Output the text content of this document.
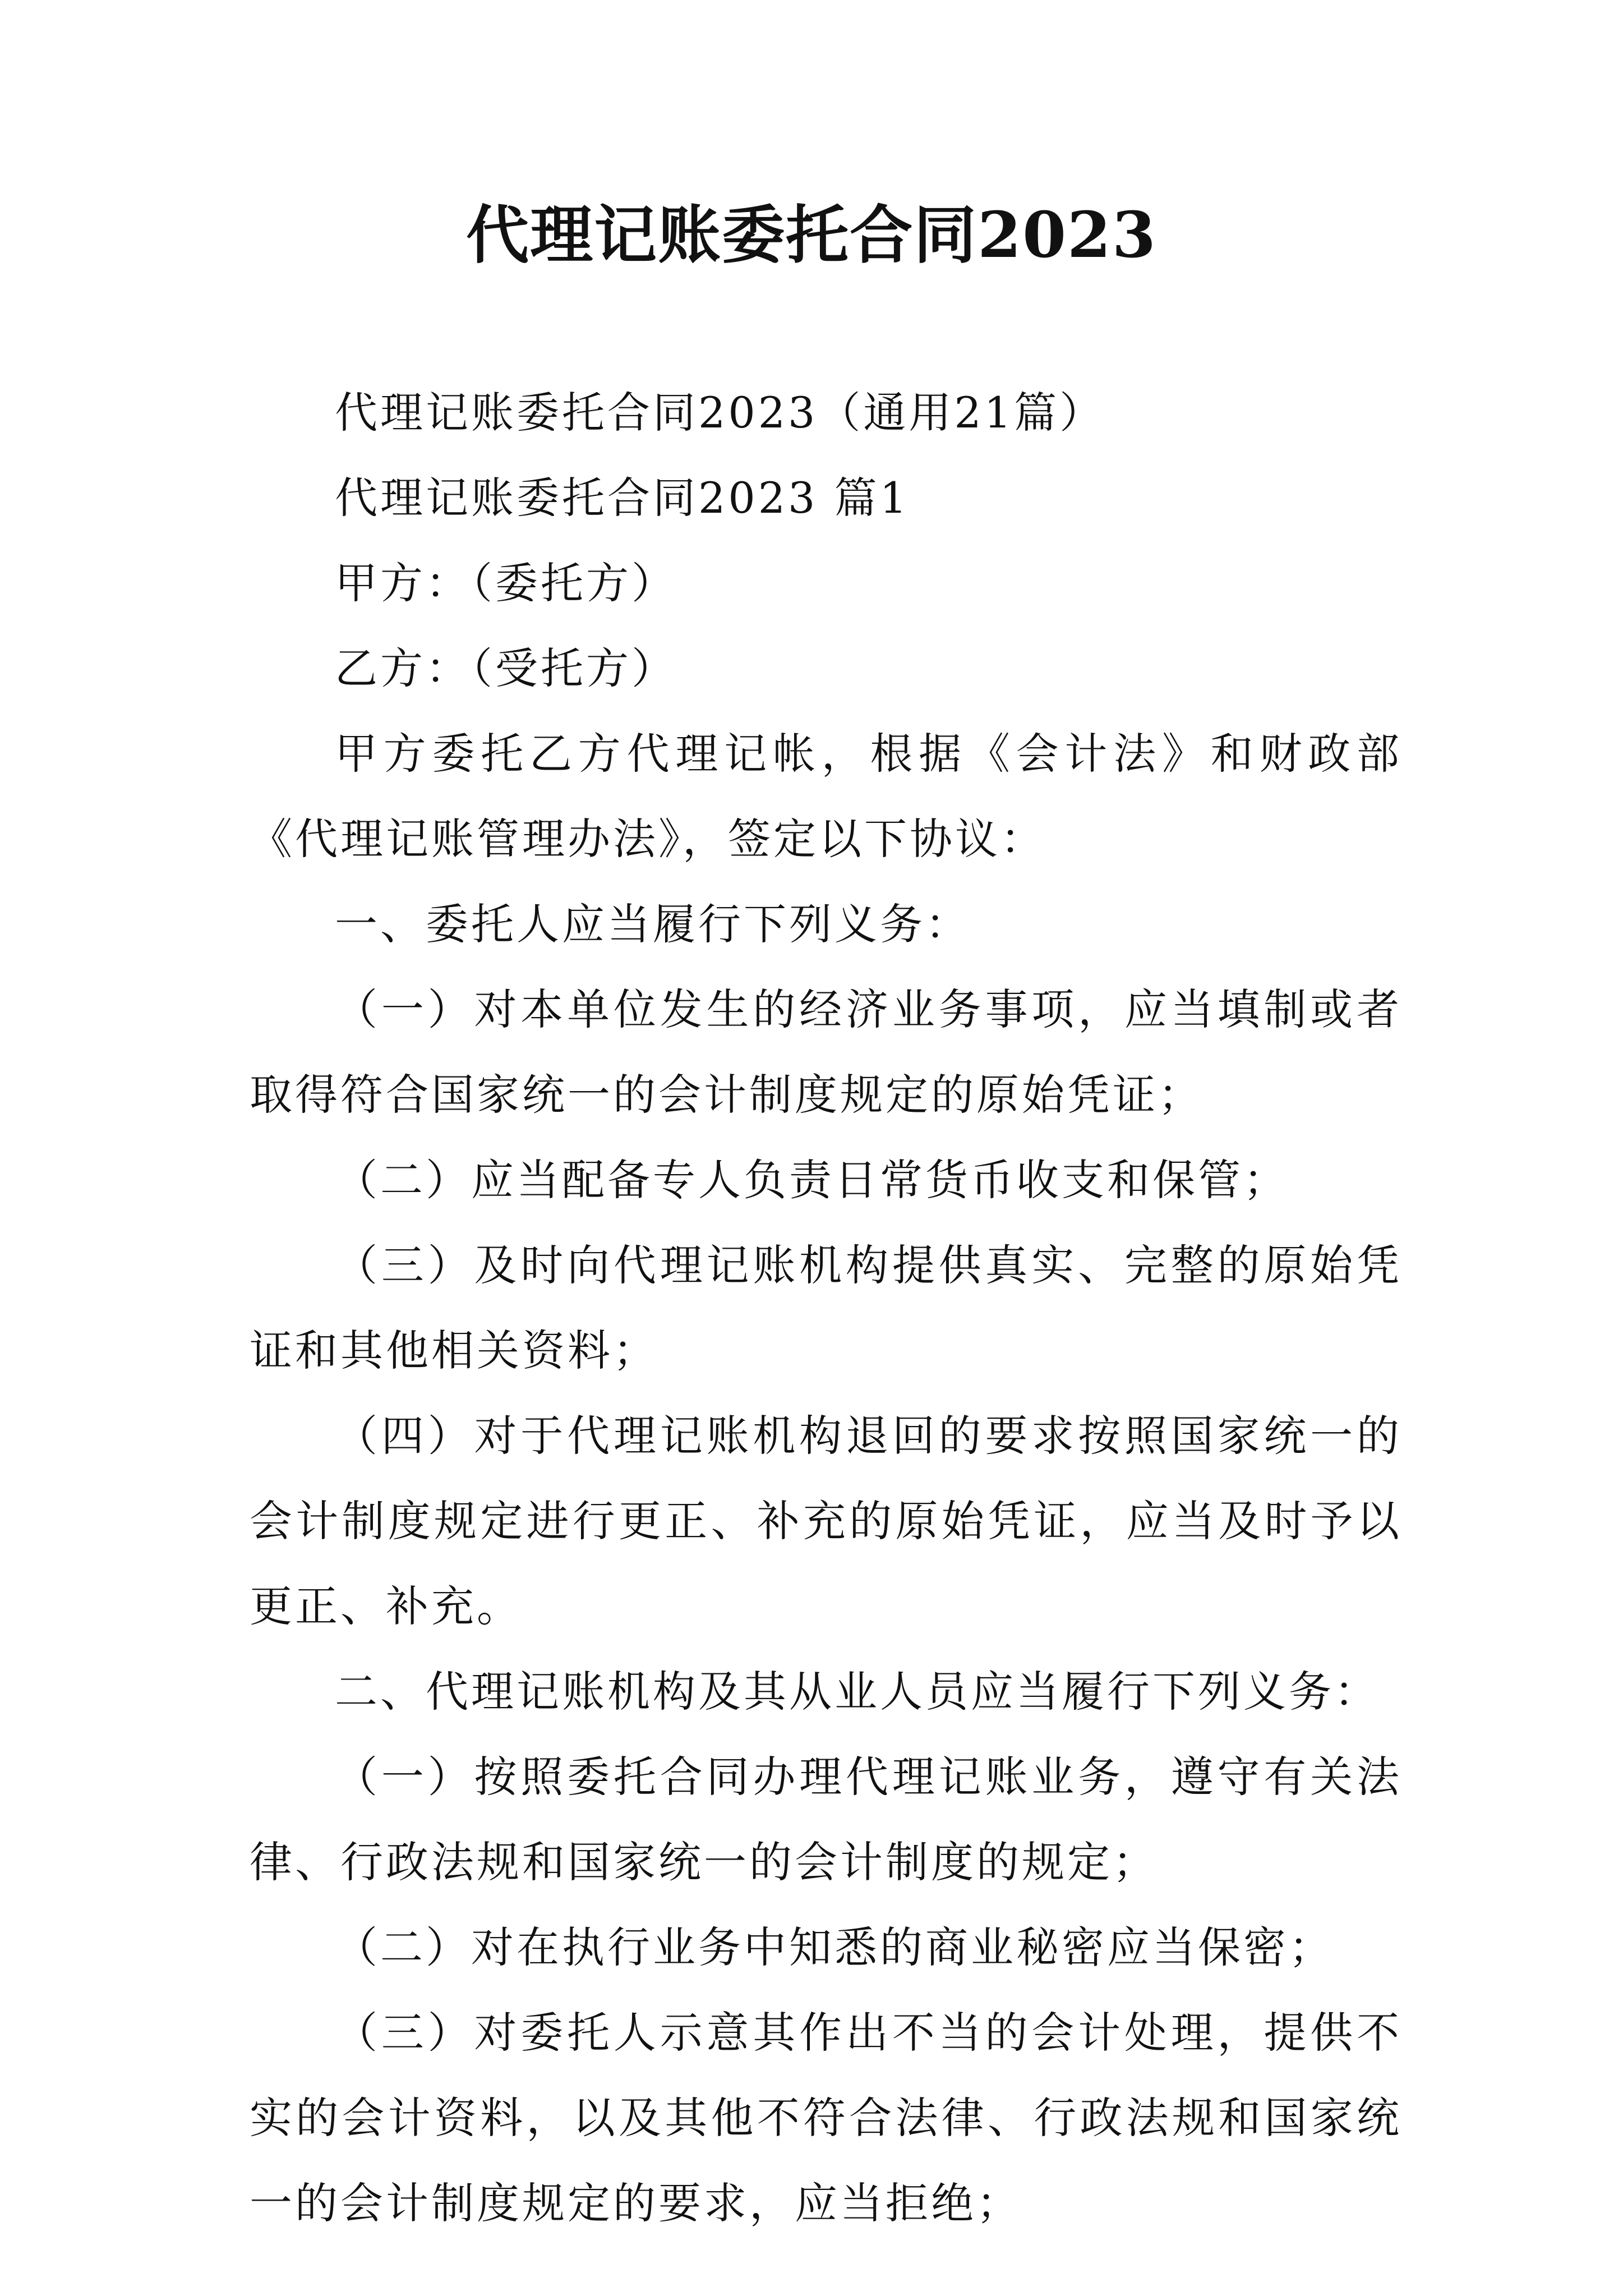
代理记账委托合同2023

代理记账委托合同2023（通用21篇）

代理记账委托合同2023 篇1

甲方：（委托方）

乙方：（受托方）

甲方委托乙方代理记帐，根据《会计法》和财政部《代理记账管理办法》，签定以下协议：

一、委托人应当履行下列义务：

（一）对本单位发生的经济业务事项，应当填制或者取得符合国家统一的会计制度规定的原始凭证；

（二）应当配备专人负责日常货币收支和保管；

（三）及时向代理记账机构提供真实、完整的原始凭证和其他相关资料；

（四）对于代理记账机构退回的要求按照国家统一的会计制度规定进行更正、补充的原始凭证，应当及时予以更正、补充。

二、代理记账机构及其从业人员应当履行下列义务：

（一）按照委托合同办理代理记账业务，遵守有关法律、行政法规和国家统一的会计制度的规定；

（二）对在执行业务中知悉的商业秘密应当保密；

（三）对委托人示意其作出不当的会计处理，提供不实的会计资料，以及其他不符合法律、行政法规和国家统一的会计制度规定的要求，应当拒绝；
